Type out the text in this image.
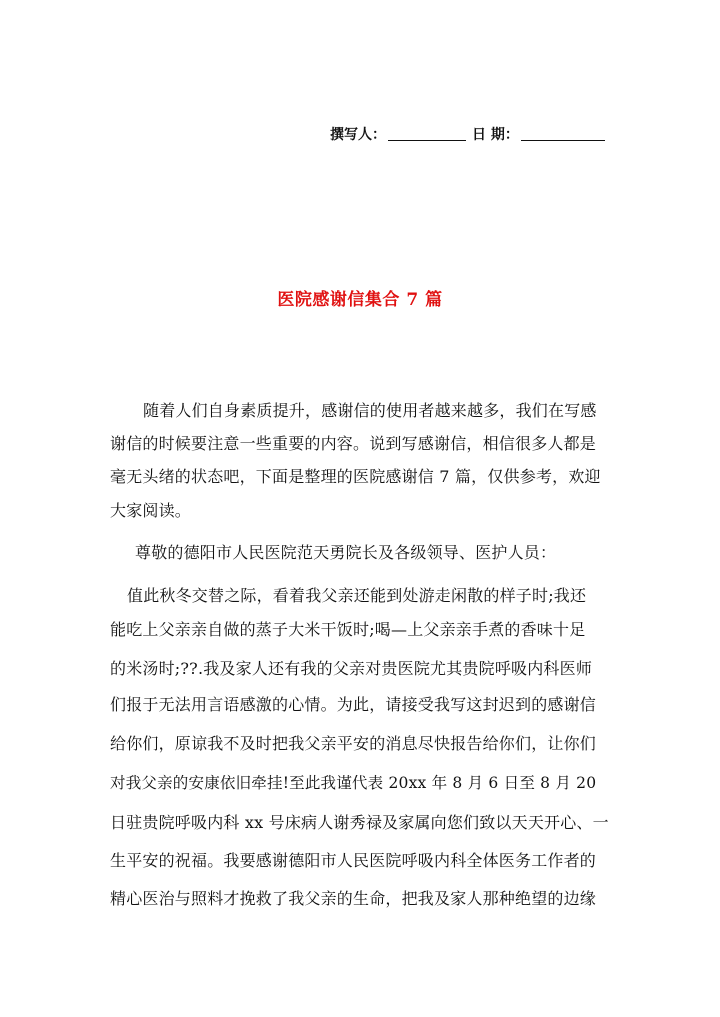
撰写人：	日 期：
医院感谢信集合 7 篇
随着人们自身素质提升，感谢信的使用者越来越多，我们在写感
谢信的时候要注意一些重要的内容。说到写感谢信，相信很多人都是
毫无头绪的状态吧，下面是整理的医院感谢信 7 篇，仅供参考，欢迎
大家阅读。
尊敬的德阳市人民医院范天勇院长及各级领导、医护人员：
值此秋冬交替之际，看着我父亲还能到处游走闲散的样子时;我还
能吃上父亲亲自做的蒸子大米干饭时;喝—上父亲亲手煮的香味十足
的米汤时;??.我及家人还有我的父亲对贵医院尤其贵院呼吸内科医师
们报于无法用言语感激的心情。为此，请接受我写这封迟到的感谢信
给你们，原谅我不及时把我父亲平安的消息尽快报告给你们，让你们
对我父亲的安康依旧牵挂!至此我谨代表 20xx 年 8 月 6 日至 8 月 20
日驻贵院呼吸内科 xx 号床病人谢秀禄及家属向您们致以天天开心、一
生平安的祝福。我要感谢德阳市人民医院呼吸内科全体医务工作者的
精心医治与照料才挽救了我父亲的生命，把我及家人那种绝望的边缘
